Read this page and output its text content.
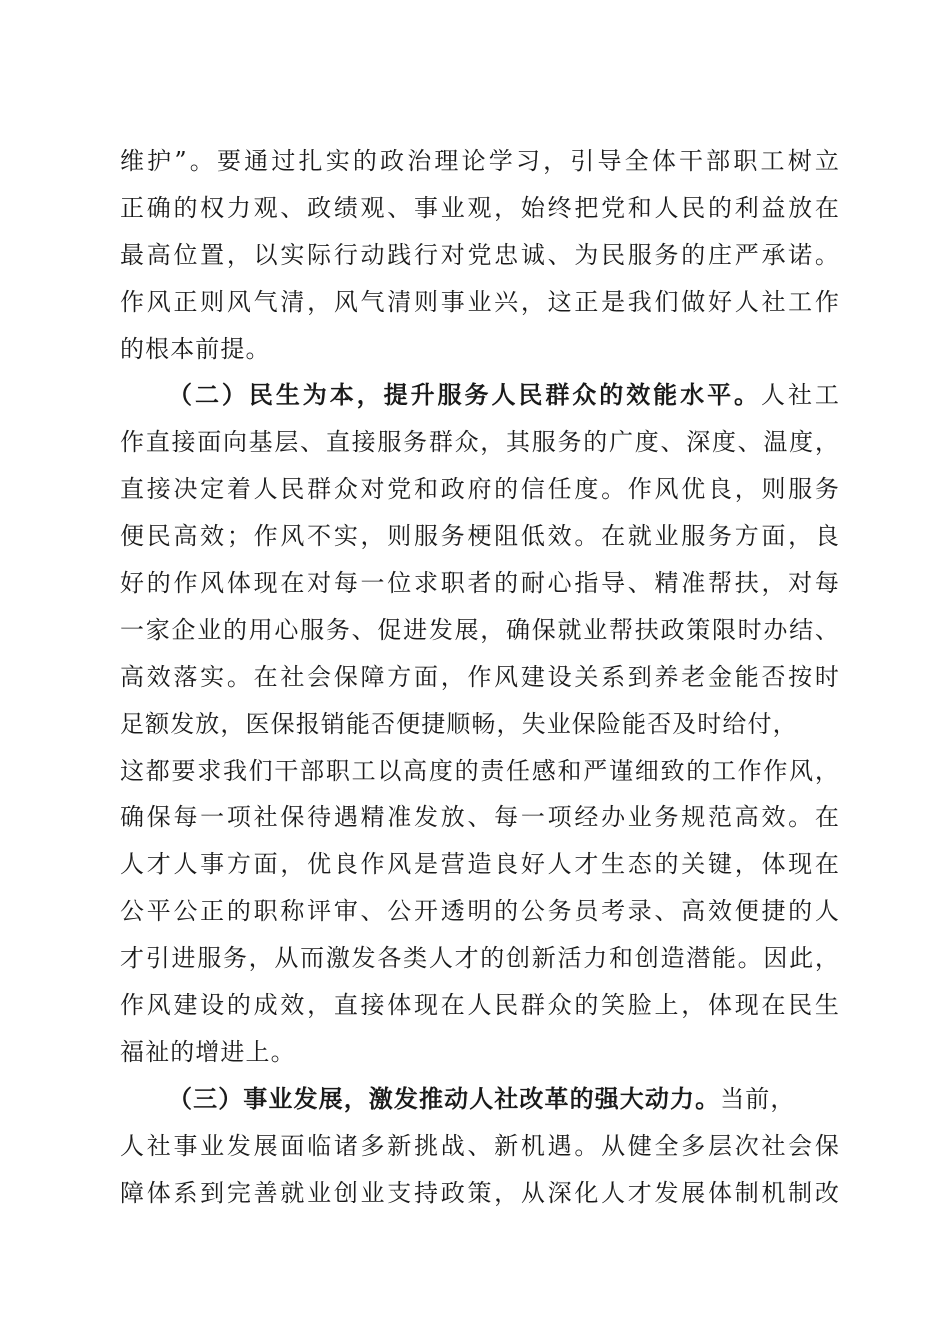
维护”。要通过扎实的政治理论学习，引导全体干部职工树立
正确的权力观、政绩观、事业观，始终把党和人民的利益放在
最高位置，以实际行动践行对党忠诚、为民服务的庄严承诺。
作风正则风气清，风气清则事业兴，这正是我们做好人社工作
的根本前提。
（二）民生为本，提升服务人民群众的效能水平。人社工
作直接面向基层、直接服务群众，其服务的广度、深度、温度，
直接决定着人民群众对党和政府的信任度。作风优良，则服务
便民高效；作风不实，则服务梗阻低效。在就业服务方面，良
好的作风体现在对每一位求职者的耐心指导、精准帮扶，对每
一家企业的用心服务、促进发展，确保就业帮扶政策限时办结、
高效落实。在社会保障方面，作风建设关系到养老金能否按时
足额发放，医保报销能否便捷顺畅，失业保险能否及时给付，
这都要求我们干部职工以高度的责任感和严谨细致的工作作风，
确保每一项社保待遇精准发放、每一项经办业务规范高效。在
人才人事方面，优良作风是营造良好人才生态的关键，体现在
公平公正的职称评审、公开透明的公务员考录、高效便捷的人
才引进服务，从而激发各类人才的创新活力和创造潜能。因此，
作风建设的成效，直接体现在人民群众的笑脸上，体现在民生
福祉的增进上。
（三）事业发展，激发推动人社改革的强大动力。当前，
人社事业发展面临诸多新挑战、新机遇。从健全多层次社会保
障体系到完善就业创业支持政策，从深化人才发展体制机制改
